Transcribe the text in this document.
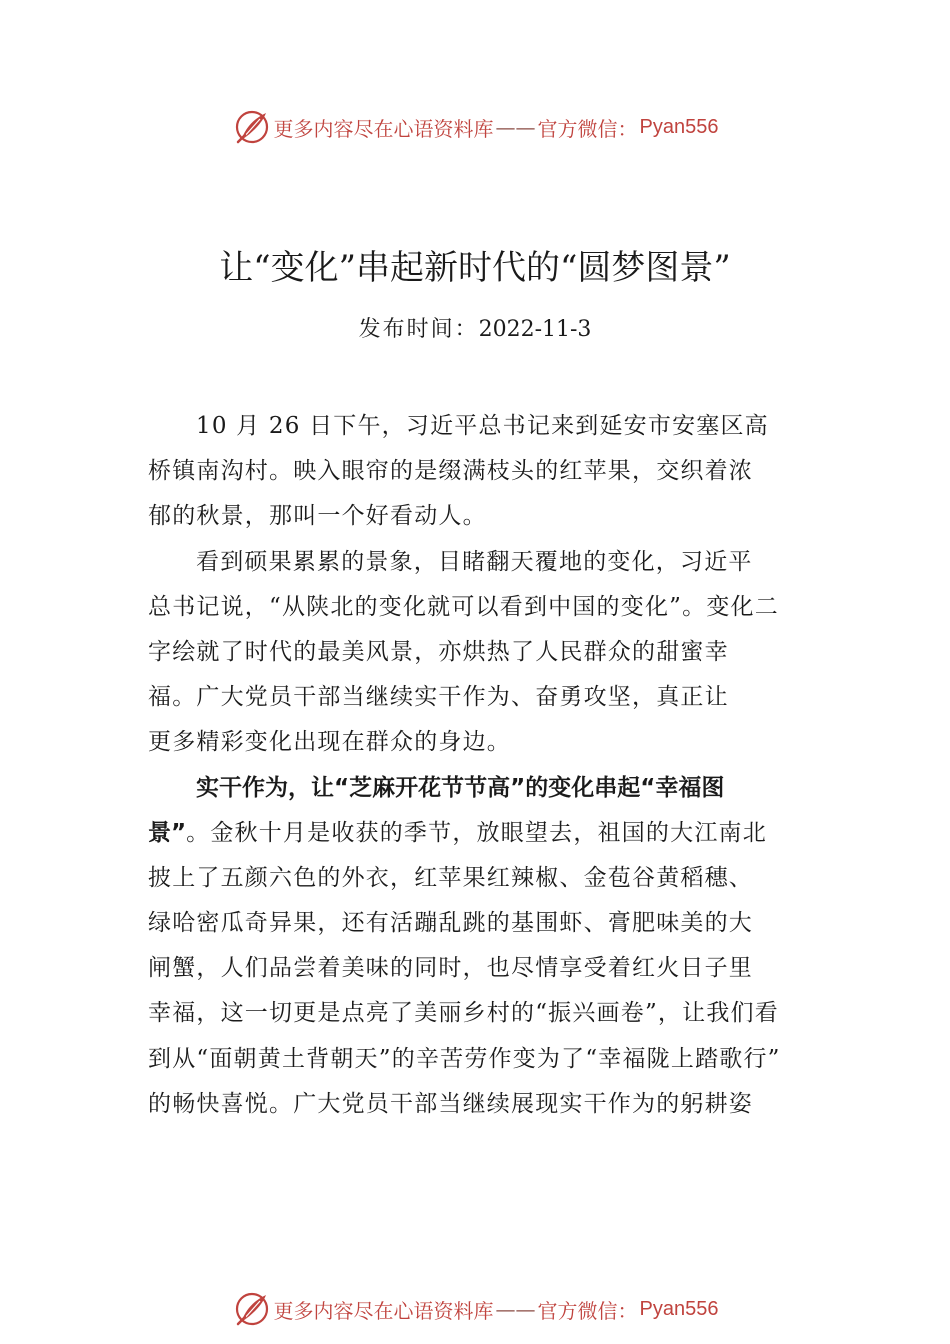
更多内容尽在心语资料库 —— 官方微信： Pyan556
让“变化”串起新时代的“圆梦图景”
发布时间：2022-11-3
10 月 26 日下午，习近平总书记来到延安市安塞区高
桥镇南沟村。映入眼帘的是缀满枝头的红苹果，交织着浓
郁的秋景，那叫一个好看动人。
看到硕果累累的景象，目睹翻天覆地的变化，习近平
总书记说，“从陕北的变化就可以看到中国的变化”。变化二
字绘就了时代的最美风景，亦烘热了人民群众的甜蜜幸
福。广大党员干部当继续实干作为、奋勇攻坚，真正让
更多精彩变化出现在群众的身边。
实干作为，让“芝麻开花节节高”的变化串起“幸福图
景”。金秋十月是收获的季节，放眼望去，祖国的大江南北
披上了五颜六色的外衣，红苹果红辣椒、金苞谷黄稻穗、
绿哈密瓜奇异果，还有活蹦乱跳的基围虾、膏肥味美的大
闸蟹，人们品尝着美味的同时，也尽情享受着红火日子里
幸福，这一切更是点亮了美丽乡村的“振兴画卷”，让我们看
到从“面朝黄土背朝天”的辛苦劳作变为了“幸福陇上踏歌行”
的畅快喜悦。广大党员干部当继续展现实干作为的躬耕姿
更多内容尽在心语资料库 —— 官方微信： Pyan556
